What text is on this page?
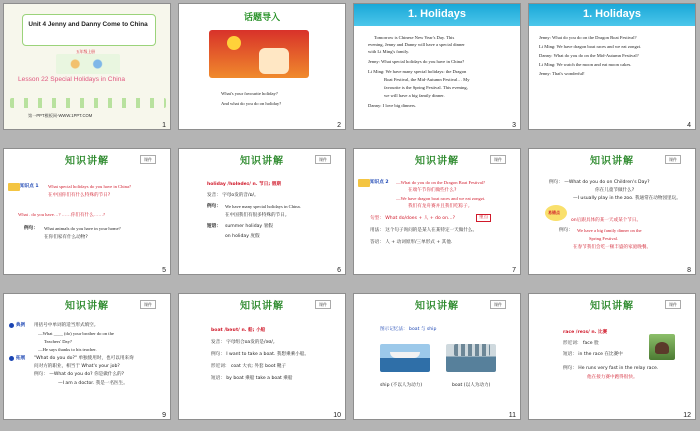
Unit 4 Jenny and Danny Come to China
五年级上册
Lesson 22 Special Holidays in China
第一PPT模板网-WWW.1PPT.COM
1
话题导入
What's your favourite holiday?
And what do you do on holiday?
2
1. Holidays
Tomorrow is Chinese New Year's Day. This
evening, Jenny and Danny will have a special dinner
with Li Ming's family.
Jenny: What special holidays do you have in China?
Li Ming: We have many special holidays: the Dragon
Boat Festival, the Mid-Autumn Festival… My
favourite is the Spring Festival. This evening,
we will have a big family dinner.
Danny: I love big dinners.
3
1. Holidays
Jenny: What do you do on the Dragon Boat Festival?
Li Ming: We have dragon boat races and we eat zongzi.
Danny: What do you do on the Mid-Autumn Festival?
Li Ming: We watch the moon and eat moon cakes.
Jenny: That's wonderful!
4
知识讲解	课件
知识点 1 What special holidays do you have in China?
在中国你们有什么特殊的节日?
What . do you have…? ……你们有什么……?
例句： What animals do you have in your home?
在你们家有什么动物?
5
知识讲解	课件
holiday /hɒlədeɪ/ n. 节日; 假期
发音： 字母o发的音/ɒ/。
例句： We have many special holidays in China.
在中国我们有很多特殊的节日。
短语： summer holiday 暑假
on holiday 度假
6
知识讲解	课件
知识点 2 —What do you do on the Dragon Boat Festival?
在端午节你们做些什么?
—We have dragon boat races and we eat zongzi.
我们有龙舟赛并且我们吃粽子。
句型： What do/does + 人 + do on…?	重点
用法： 这个句子询问的是某人在某特定一天做什么。
答语： 人 + 动词原形/三单形式 + 其他.
7
知识讲解	课件
例句： —What do you do on Children's Day?
你在儿童节做什么?
—I usually play in the zoo. 我通常在动物园里玩。
易错点
on后跟具体的某一天或某个节日。
例句： We have a big family dinner on the
Spring Festival.
在春节我们会吃一顿丰盛的家庭晚餐。
8
知识讲解	课件
典例 用括号中单词的适当形式填空。
—What ____ (do) your brother do on the
Teachers' Day?
—He says thanks to his teacher.
拓展 "What do you do?" 单独使用时，也可以用来询
问对方的职业，相当于 What's your job?
例句： —What do you do? 你是做什么的?
—I am a doctor. 我是一名医生。
9
知识讲解	课件
boat /bəʊt/ n. 船; 小船
发音： 字母组合oa发的是/əʊ/。
例句： I want to take a boat. 我想乘乘小船。
形近词： coat 大衣; 外套 boot 靴子
短语： by boat 乘船 take a boat 乘船
10
知识讲解	课件
图示记忆法： boat 与 ship
ship (不以人为动力)	boat (以人为动力)
11
知识讲解	课件
race /reɪs/ n. 比赛
形近词： face 脸
短语： in the race 在比赛中
例句： He runs very fast in the relay race.
他在接力赛中跑得很快。
12
